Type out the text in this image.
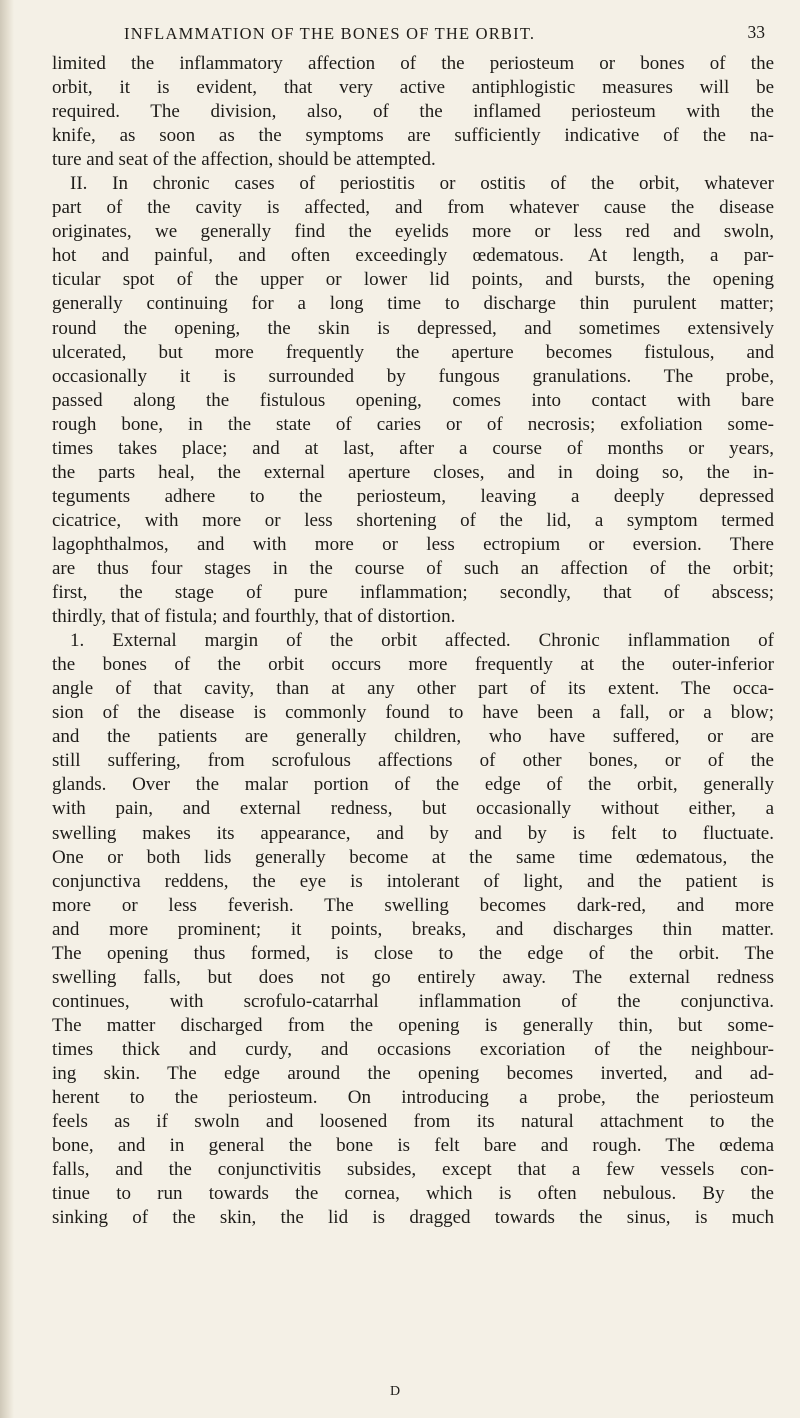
INFLAMMATION OF THE BONES OF THE ORBIT.	33
limited the inflammatory affection of the periosteum or bones of the
orbit, it is evident, that very active antiphlogistic measures will be
required. The division, also, of the inflamed periosteum with the
knife, as soon as the symptoms are sufficiently indicative of the na-
ture and seat of the affection, should be attempted.
II. In chronic cases of periostitis or ostitis of the orbit, whatever
part of the cavity is affected, and from whatever cause the disease
originates, we generally find the eyelids more or less red and swoln,
hot and painful, and often exceedingly œdematous. At length, a par-
ticular spot of the upper or lower lid points, and bursts, the opening
generally continuing for a long time to discharge thin purulent matter;
round the opening, the skin is depressed, and sometimes extensively
ulcerated, but more frequently the aperture becomes fistulous, and
occasionally it is surrounded by fungous granulations. The probe,
passed along the fistulous opening, comes into contact with bare
rough bone, in the state of caries or of necrosis; exfoliation some-
times takes place; and at last, after a course of months or years,
the parts heal, the external aperture closes, and in doing so, the in-
teguments adhere to the periosteum, leaving a deeply depressed
cicatrice, with more or less shortening of the lid, a symptom termed
lagophthalmos, and with more or less ectropium or eversion. There
are thus four stages in the course of such an affection of the orbit;
first, the stage of pure inflammation; secondly, that of abscess;
thirdly, that of fistula; and fourthly, that of distortion.
1. External margin of the orbit affected. Chronic inflammation of
the bones of the orbit occurs more frequently at the outer-inferior
angle of that cavity, than at any other part of its extent. The occa-
sion of the disease is commonly found to have been a fall, or a blow;
and the patients are generally children, who have suffered, or are
still suffering, from scrofulous affections of other bones, or of the
glands. Over the malar portion of the edge of the orbit, generally
with pain, and external redness, but occasionally without either, a
swelling makes its appearance, and by and by is felt to fluctuate.
One or both lids generally become at the same time œdematous, the
conjunctiva reddens, the eye is intolerant of light, and the patient is
more or less feverish. The swelling becomes dark-red, and more
and more prominent; it points, breaks, and discharges thin matter.
The opening thus formed, is close to the edge of the orbit. The
swelling falls, but does not go entirely away. The external redness
continues, with scrofulo-catarrhal inflammation of the conjunctiva.
The matter discharged from the opening is generally thin, but some-
times thick and curdy, and occasions excoriation of the neighbour-
ing skin. The edge around the opening becomes inverted, and ad-
herent to the periosteum. On introducing a probe, the periosteum
feels as if swoln and loosened from its natural attachment to the
bone, and in general the bone is felt bare and rough. The œdema
falls, and the conjunctivitis subsides, except that a few vessels con-
tinue to run towards the cornea, which is often nebulous. By the
sinking of the skin, the lid is dragged towards the sinus, is much
D
